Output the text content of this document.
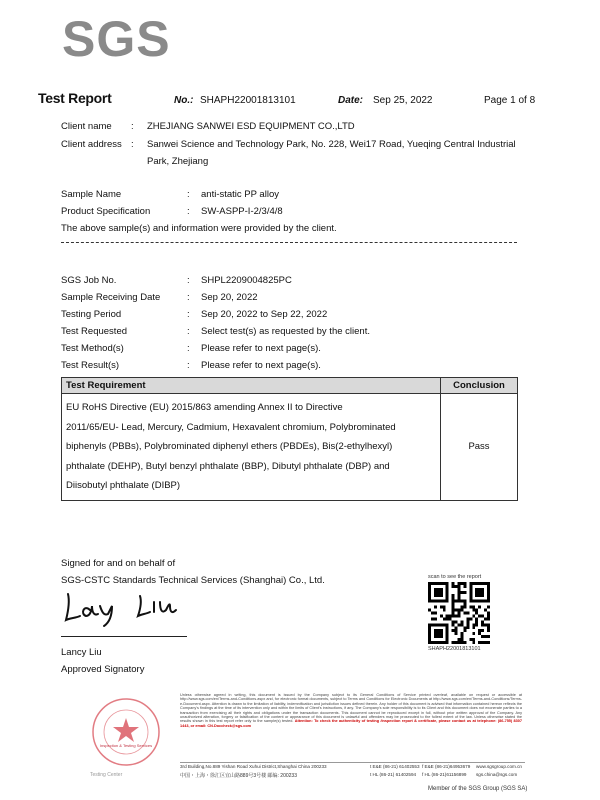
SGS
Test Report	No.: SHAPH22001813101	Date: Sep 25, 2022	Page 1 of 8
Client name : ZHEJIANG SANWEI ESD EQUIPMENT CO.,LTD
Client address : Sanwei Science and Technology Park, No. 228, Wei17 Road, Yueqing Central Industrial
Park, Zhejiang
Sample Name	: anti-static PP alloy
Product Specification	: SW-ASPP-I-2/3/4/8
The above sample(s) and information were provided by the client.
SGS Job No.	: SHPL2209004825PC
Sample Receiving Date	: Sep 20, 2022
Testing Period	: Sep 20, 2022 to Sep 22, 2022
Test Requested	: Select test(s) as requested by the client.
Test Method(s)	: Please refer to next page(s).
Test Result(s)	: Please refer to next page(s).
Test Requirement	Conclusion

EU RoHS Directive (EU) 2015/863 amending Annex II to Directive
2011/65/EU- Lead, Mercury, Cadmium, Hexavalent chromium, Polybrominated
biphenyls (PBBs), Polybrominated diphenyl ethers (PBDEs), Bis(2-ethylhexyl)
phthalate (DEHP), Butyl benzyl phthalate (BBP), Dibutyl phthalate (DBP) and
Diisobutyl phthalate (DIBP)	Pass
Signed for and on behalf of
SGS-CSTC Standards Technical Services (Shanghai) Co., Ltd.
Lancy Liu
Approved Signatory
scan to see the report
SHAPH22001813101
Inspection & Testing Services
Testing Center
Unless otherwise agreed in writing, this document is issued by the Company subject to its General Conditions of Service printed overleaf, available on request or accessible at http://www.sgs.com/en/Terms-and-Conditions.aspx and, for electronic format documents, subject to Terms and Conditions for Electronic Documents at http://www.sgs.com/en/Terms-and-Conditions/Terms-e-Document.aspx. Attention is drawn to the limitation of liability, indemnification and jurisdiction issues defined therein. Any holder of this document is advised that information contained hereon reflects the Company's findings at the time of its intervention only and within the limits of Client's instructions, if any. The Company's sole responsibility is to its Client and this document does not exonerate parties to a transaction from exercising all their rights and obligations under the transaction documents. This document cannot be reproduced except in full, without prior written approval of the Company. Any unauthorized alteration, forgery or falsification of the content or appearance of this document is unlawful and offenders may be prosecuted to the fullest extent of the law. Unless otherwise stated the results shown in this test report refer only to the sample(s) tested. Attention: To check the authenticity of testing /inspection report & certificate, please contact us at telephone: (86-755) 8307 1443, or email: CN.Doccheck@sgs.com
3rd Building,No.889 Yishan Road Xuhui District,Shanghai China 200233	t E&E (86-21) 61402553 f E&E (86-21)64953679 www.sgsgroup.com.cn
中国・上海・徐汇区宜山路889号3号楼 邮编: 200233	t HL (86-21) 61402594 f HL (86-21)61156899 sgs.china@sgs.com
Member of the SGS Group (SGS SA)
